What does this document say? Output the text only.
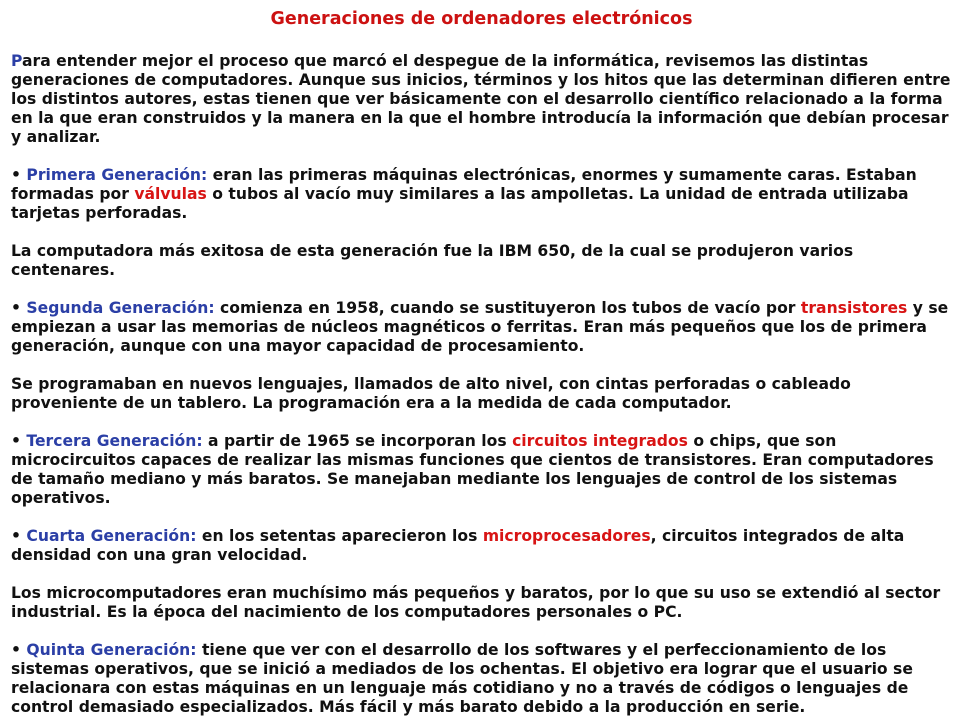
Generaciones de ordenadores electrónicos

Para entender mejor el proceso que marcó el despegue de la informática, revisemos las distintas generaciones de computadores. Aunque sus inicios, términos y los hitos que las determinan difieren entre los distintos autores, estas tienen que ver básicamente con el desarrollo científico relacionado a la forma en la que eran construidos y la manera en la que el hombre introducía la información que debían procesar y analizar.

• Primera Generación: eran las primeras máquinas electrónicas, enormes y sumamente caras. Estaban formadas por válvulas o tubos al vacío muy similares a las ampolletas. La unidad de entrada utilizaba tarjetas perforadas.

La computadora más exitosa de esta generación fue la IBM 650, de la cual se produjeron varios centenares.

• Segunda Generación: comienza en 1958, cuando se sustituyeron los tubos de vacío por transistores y se empiezan a usar las memorias de núcleos magnéticos o ferritas. Eran más pequeños que los de primera generación, aunque con una mayor capacidad de procesamiento.

Se programaban en nuevos lenguajes, llamados de alto nivel, con cintas perforadas o cableado proveniente de un tablero. La programación era a la medida de cada computador.

• Tercera Generación: a partir de 1965 se incorporan los circuitos integrados o chips, que son microcircuitos capaces de realizar las mismas funciones que cientos de transistores. Eran computadores de tamaño mediano y más baratos. Se manejaban mediante los lenguajes de control de los sistemas operativos.

• Cuarta Generación: en los setentas aparecieron los microprocesadores, circuitos integrados de alta densidad con una gran velocidad.

Los microcomputadores eran muchísimo más pequeños y baratos, por lo que su uso se extendió al sector industrial. Es la época del nacimiento de los computadores personales o PC.

• Quinta Generación: tiene que ver con el desarrollo de los softwares y el perfeccionamiento de los sistemas operativos, que se inició a mediados de los ochentas. El objetivo era lograr que el usuario se relacionara con estas máquinas en un lenguaje más cotidiano y no a través de códigos o lenguajes de control demasiado especializados. Más fácil y más barato debido a la producción en serie.
